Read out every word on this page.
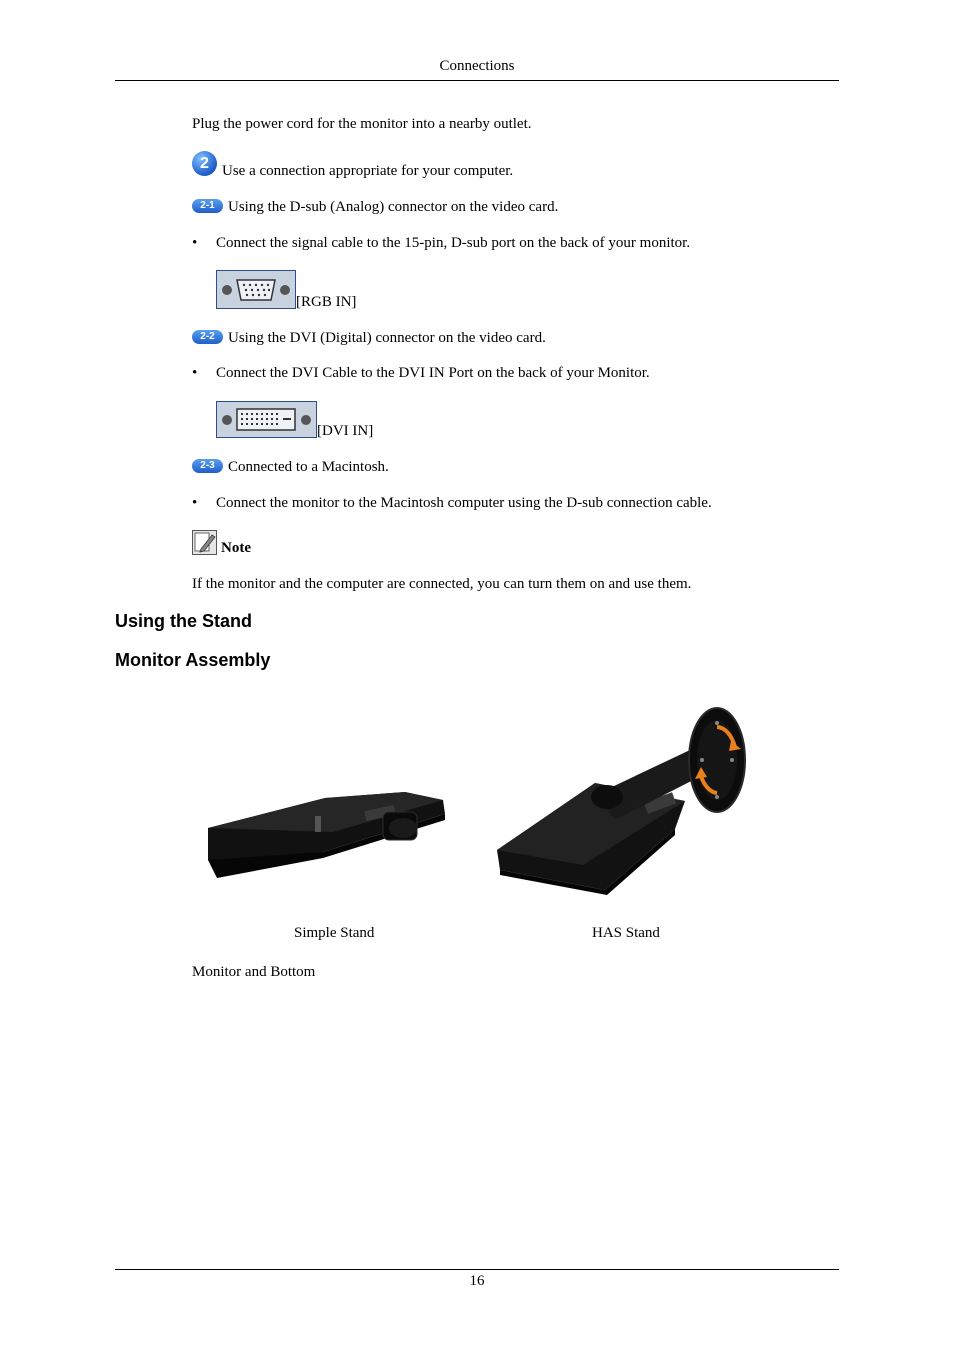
Connections
Plug the power cord for the monitor into a nearby outlet.
2 Use a connection appropriate for your computer.
2-1 Using the D-sub (Analog) connector on the video card.
• Connect the signal cable to the 15-pin, D-sub port on the back of your monitor.
[RGB IN]
2-2 Using the DVI (Digital) connector on the video card.
• Connect the DVI Cable to the DVI IN Port on the back of your Monitor.
[DVI IN]
2-3 Connected to a Macintosh.
• Connect the monitor to the Macintosh computer using the D-sub connection cable.
Note
If the monitor and the computer are connected, you can turn them on and use them.
Using the Stand
Monitor Assembly
Simple Stand	HAS Stand
Monitor and Bottom
16
